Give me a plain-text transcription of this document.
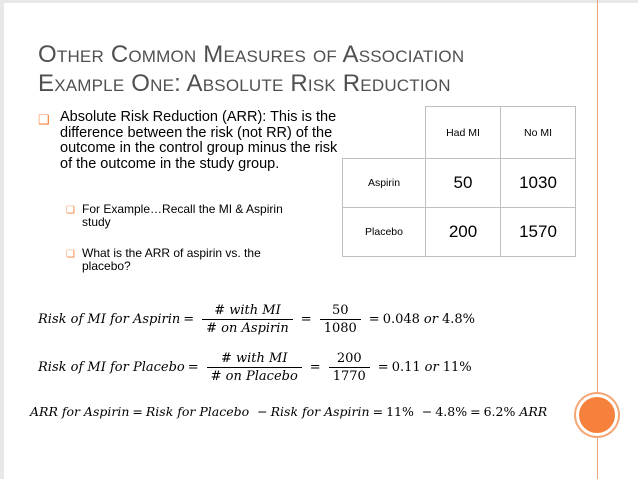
Other Common Measures of Association
Example One: Absolute Risk Reduction
❑ Absolute Risk Reduction (ARR): This is the difference between the risk (not RR) of the outcome in the control group minus the risk of the outcome in the study group.
❑ For Example…Recall the MI & Aspirin study
❑ What is the ARR of aspirin vs. the placebo?
	Had MI	No MI
Aspirin	50	1030
Placebo	200	1570
Risk of MI for Aspirin = $\frac{\text{\# with MI}}{\text{\# on Aspirin}} = \frac{50}{1080} = 0.048$ or 4.8%
Risk of MI for Placebo = $\frac{\text{\# with MI}}{\text{\# on Placebo}} = \frac{200}{1770} = 0.11$ or 11%
ARR for Aspirin = Risk for Placebo − Risk for Aspirin = 11% − 4.8% = 6.2% ARR
